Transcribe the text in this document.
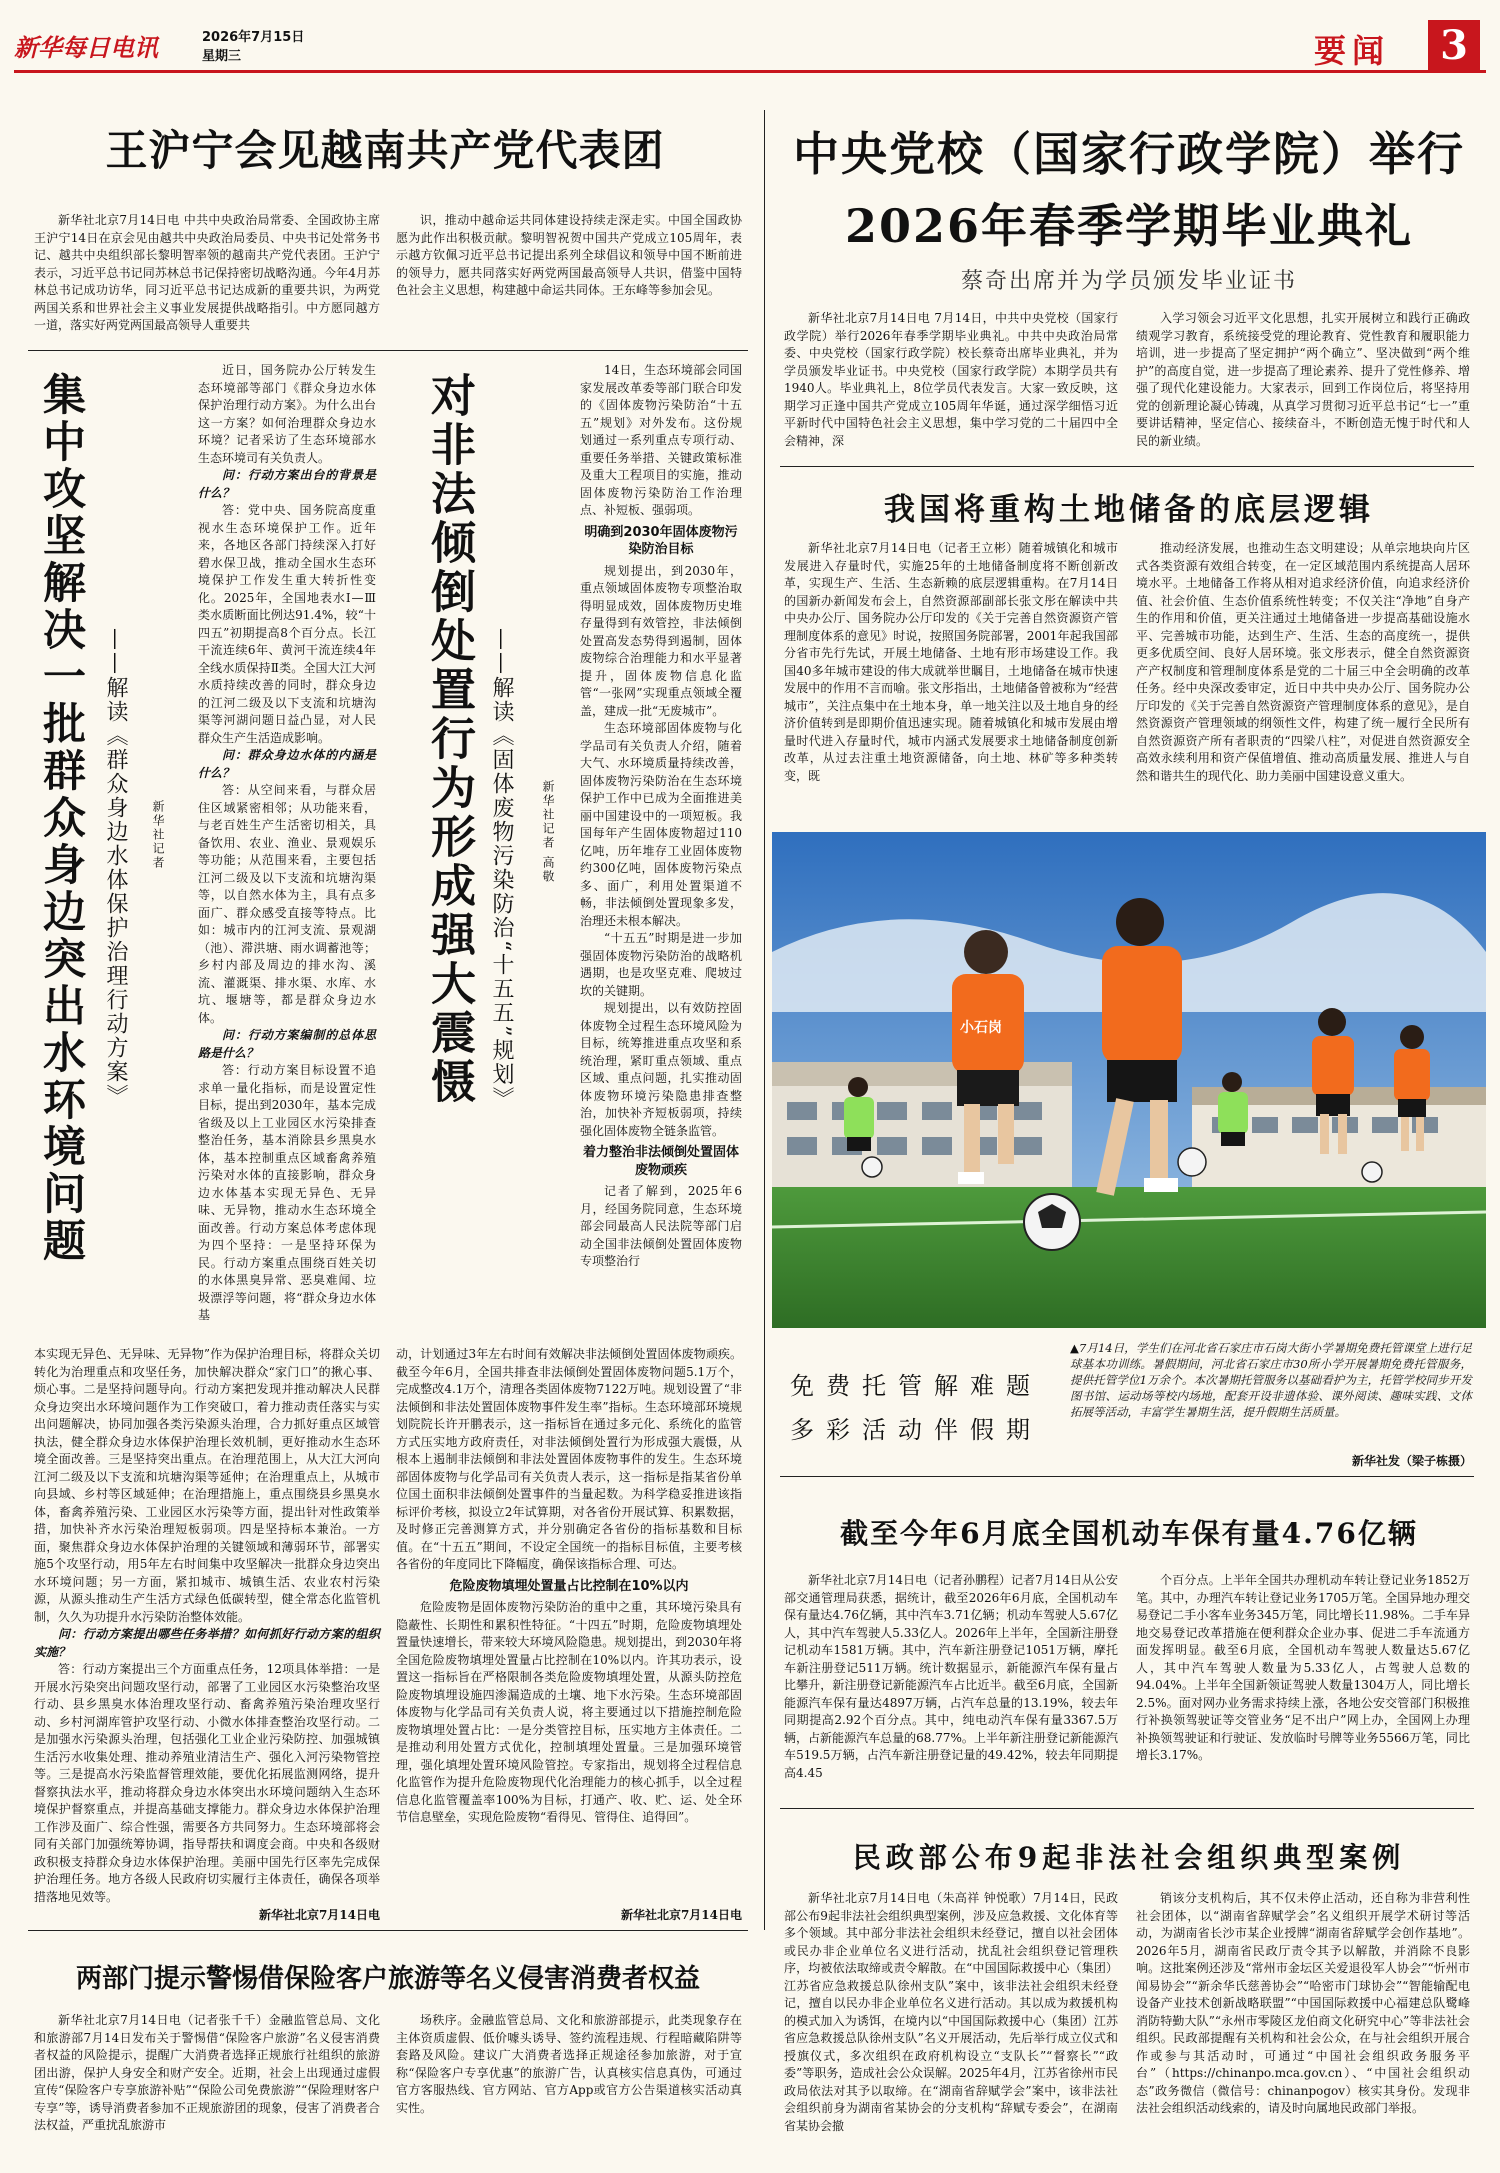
新华每日电讯	2026年7月15日
星期三	要闻	3
王沪宁会见越南共产党代表团
新华社北京7月14日电 中共中央政治局常委、全国政协主席王沪宁14日在京会见由越共中央政治局委员、中央书记处常务书记、越共中央组织部长黎明智率领的越南共产党代表团。王沪宁表示，习近平总书记同苏林总书记保持密切战略沟通。今年4月苏林总书记成功访华，同习近平总书记达成新的重要共识，为两党两国关系和世界社会主义事业发展提供战略指引。中方愿同越方一道，落实好两党两国最高领导人重要共
识，推动中越命运共同体建设持续走深走实。中国全国政协愿为此作出积极贡献。黎明智祝贺中国共产党成立105周年，表示越方钦佩习近平总书记提出系列全球倡议和领导中国不断前进的领导力，愿共同落实好两党两国最高领导人共识，借鉴中国特色社会主义思想，构建越中命运共同体。王东峰等参加会见。
集中攻坚解决一批群众身边突出水环境问题 ——解读《群众身边水体保护治理行动方案》 新华社记者

近日，国务院办公厅转发生态环境部等部门《群众身边水体保护治理行动方案》。为什么出台这一方案？如何治理群众身边水环境？记者采访了生态环境部水生态环境司有关负责人。

问：行动方案出台的背景是什么？

答：党中央、国务院高度重视水生态环境保护工作。近年来，各地区各部门持续深入打好碧水保卫战，推动全国水生态环境保护工作发生重大转折性变化。2025年，全国地表水Ⅰ—Ⅲ类水质断面比例达91.4%，较“十四五”初期提高8个百分点。长江干流连续6年、黄河干流连续4年全线水质保持Ⅱ类。全国大江大河水质持续改善的同时，群众身边的江河二级及以下支流和坑塘沟渠等河湖问题日益凸显，对人民群众生产生活造成影响。

问：群众身边水体的内涵是什么？

答：从空间来看，与群众居住区域紧密相邻；从功能来看，与老百姓生产生活密切相关，具备饮用、农业、渔业、景观娱乐等功能；从范围来看，主要包括江河二级及以下支流和坑塘沟渠等，以自然水体为主，具有点多面广、群众感受直接等特点。比如：城市内的江河支流、景观湖（池）、滞洪塘、雨水调蓄池等；乡村内部及周边的排水沟、溪流、灌溉渠、排水渠、水库、水坑、堰塘等，都是群众身边水体。

问：行动方案编制的总体思路是什么？

答：行动方案目标设置不追求单一量化指标，而是设置定性目标，提出到2030年，基本完成省级及以上工业园区水污染排查整治任务，基本消除县乡黑臭水体，基本控制重点区域畜禽养殖污染对水体的直接影响，群众身边水体基本实现无异色、无异味、无异物，推动水生态环境全面改善。行动方案总体考虑体现为四个坚持：一是坚持环保为民。行动方案重点围绕百姓关切的水体黑臭异常、恶臭难闻、垃圾漂浮等问题，将“群众身边水体基

本实现无异色、无异味、无异物”作为保护治理目标，将群众关切转化为治理重点和攻坚任务，加快解决群众“家门口”的揪心事、烦心事。二是坚持问题导向。行动方案把发现并推动解决人民群众身边突出水环境问题作为工作突破口，着力推动责任落实与实出问题解决，协同加强各类污染源头治理，合力抓好重点区域管执法，健全群众身边水体保护治理长效机制，更好推动水生态环境全面改善。三是坚持突出重点。在治理范围上，从大江大河向江河二级及以下支流和坑塘沟渠等延伸；在治理重点上，从城市向县域、乡村等区域延伸；在治理措施上，重点围绕县乡黑臭水体，畜禽养殖污染、工业园区水污染等方面，提出针对性政策举措，加快补齐水污染治理短板弱项。四是坚持标本兼治。一方面，聚焦群众身边水体保护治理的关键领域和薄弱环节，部署实施5个攻坚行动，用5年左右时间集中攻坚解决一批群众身边突出水环境问题；另一方面，紧扣城市、城镇生活、农业农村污染源，从源头推动生产生活方式绿色低碳转型，健全常态化监管机制，久久为功提升水污染防治整体效能。

问：行动方案提出哪些任务举措？如何抓好行动方案的组织实施？

答：行动方案提出三个方面重点任务，12项具体举措：一是开展水污染突出问题攻坚行动，部署了工业园区水污染整治攻坚行动、县乡黑臭水体治理攻坚行动、畜禽养殖污染治理攻坚行动、乡村河湖库管护攻坚行动、小微水体排查整治攻坚行动。二是加强水污染源头治理，包括强化工业企业污染防控、加强城镇生活污水收集处理、推动养殖业清洁生产、强化入河污染物管控等。三是提高水污染监督管理效能，要优化拓展监测网络，提升督察执法水平，推动将群众身边水体突出水环境问题纳入生态环境保护督察重点，并提高基础支撑能力。群众身边水体保护治理工作涉及面广、综合性强，需要各方共同努力。生态环境部将会同有关部门加强统筹协调，指导帮扶和调度会商。中央和各级财政积极支持群众身边水体保护治理。美丽中国先行区率先完成保护治理任务。地方各级人民政府切实履行主体责任，确保各项举措落地见效等。

新华社北京7月14日电
对非法倾倒处置行为形成强大震慑 ——解读《固体废物污染防治“十五五”规划》 新华社记者 高敬

14日，生态环境部会同国家发展改革委等部门联合印发的《固体废物污染防治“十五五”规划》对外发布。这份规划通过一系列重点专项行动、重要任务举措、关键政策标准及重大工程项目的实施，推动固体废物污染防治工作治理点、补短板、强弱项。

明确到2030年固体废物污染防治目标

规划提出，到2030年，重点领域固体废物专项整治取得明显成效，固体废物历史堆存量得到有效管控，非法倾倒处置高发态势得到遏制，固体废物综合治理能力和水平显著提升，固体废物信息化监管“一张网”实现重点领域全覆盖，建成一批“无废城市”。

生态环境部固体废物与化学品司有关负责人介绍，随着大气、水环境质量持续改善，固体废物污染防治在生态环境保护工作中已成为全面推进美丽中国建设中的一项短板。我国每年产生固体废物超过110亿吨，历年堆存工业固体废物约300亿吨，固体废物污染点多、面广，利用处置渠道不畅，非法倾倒处置现象多发，治理还未根本解决。

“十五五”时期是进一步加强固体废物污染防治的战略机遇期，也是攻坚克难、爬坡过坎的关键期。

规划提出，以有效防控固体废物全过程生态环境风险为目标，统筹推进重点攻坚和系统治理，紧盯重点领域、重点区域、重点问题，扎实推动固体废物环境污染隐患排查整治，加快补齐短板弱项，持续强化固体废物全链条监管。

着力整治非法倾倒处置固体废物顽疾

记者了解到，2025年6月，经国务院同意，生态环境部会同最高人民法院等部门启动全国非法倾倒处置固体废物专项整治行

动，计划通过3年左右时间有效解决非法倾倒处置固体废物顽疾。截至今年6月，全国共排查非法倾倒处置固体废物问题5.1万个，完成整改4.1万个，清理各类固体废物7122万吨。规划设置了“非法倾倒和非法处置固体废物事件发生率”指标。生态环境部环境规划院院长许开鹏表示，这一指标旨在通过多元化、系统化的监管方式压实地方政府责任，对非法倾倒处置行为形成强大震慑，从根本上遏制非法倾倒和非法处置固体废物事件的发生。生态环境部固体废物与化学品司有关负责人表示，这一指标是指某省份单位国土面积非法倾倒处置事件的当量起数。为科学稳妥推进该指标评价考核，拟设立2年试算期，对各省份开展试算、积累数据，及时修正完善测算方式，并分别确定各省份的指标基数和目标值。在“十五五”期间，不设定全国统一的指标目标值，主要考核各省份的年度同比下降幅度，确保该指标合理、可达。

危险废物填埋处置量占比控制在10%以内

危险废物是固体废物污染防治的重中之重，其环境污染具有隐蔽性、长期性和累积性特征。“十四五”时期，危险废物填埋处置量快速增长，带来较大环境风险隐患。规划提出，到2030年将全国危险废物填埋处置量占比控制在10%以内。许其功表示，设置这一指标旨在严格限制各类危险废物填埋处置，从源头防控危险废物填埋设施四渗漏造成的土壤、地下水污染。生态环境部固体废物与化学品司有关负责人说，将主要通过以下措施控制危险废物填埋处置占比：一是分类管控目标，压实地方主体责任。二是推动利用处置方式优化，控制填埋处置量。三是加强环境管理，强化填埋处置环境风险管控。专家指出，规划将全过程信息化监管作为提升危险废物现代化治理能力的核心抓手，以全过程信息化监管覆盖率100%为目标，打通产、收、贮、运、处全环节信息壁垒，实现危险废物“看得见、管得住、追得回”。

新华社北京7月14日电
中央党校（国家行政学院）举行
2026年春季学期毕业典礼
蔡奇出席并为学员颁发毕业证书
新华社北京7月14日电 7月14日，中共中央党校（国家行政学院）举行2026年春季学期毕业典礼。中共中央政治局常委、中央党校（国家行政学院）校长蔡奇出席毕业典礼，并为学员颁发毕业证书。中央党校（国家行政学院）本期学员共有1940人。毕业典礼上，8位学员代表发言。大家一致反映，这期学习正逢中国共产党成立105周年华诞，通过深学细悟习近平新时代中国特色社会主义思想，集中学习党的二十届四中全会精神，深
入学习领会习近平文化思想，扎实开展树立和践行正确政绩观学习教育，系统接受党的理论教育、党性教育和履职能力培训，进一步提高了坚定拥护“两个确立”、坚决做到“两个维护”的高度自觉，进一步提高了理论素养、提升了党性修养、增强了现代化建设能力。大家表示，回到工作岗位后，将坚持用党的创新理论凝心铸魂，从真学习贯彻习近平总书记“七一”重要讲话精神，坚定信心、接续奋斗，不断创造无愧于时代和人民的新业绩。
我国将重构土地储备的底层逻辑
新华社北京7月14日电（记者王立彬）随着城镇化和城市发展进入存量时代，实施25年的土地储备制度将不断创新改革，实现生产、生活、生态新赖的底层逻辑重构。在7月14日的国新办新闻发布会上，自然资源部副部长张文彤在解读中共中央办公厅、国务院办公厅印发的《关于完善自然资源资产管理制度体系的意见》时说，按照国务院部署，2001年起我国部分省市先行先试，开展土地储备、土地有形市场建设工作。我国40多年城市建设的伟大成就举世瞩目，土地储备在城市快速发展中的作用不言而喻。张文彤指出，土地储备曾被称为“经营城市”，关注点集中在土地本身，单一地关注以及土地自身的经济价值转到是即期价值迅速实现。随着城镇化和城市发展由增量时代进入存量时代，城市内涵式发展要求土地储备制度创新改革，从过去注重土地资源储备，向土地、林矿等多种类转变，既
推动经济发展，也推动生态文明建设；从单宗地块向片区式各类资源有效组合转变，在一定区域范围内系统提高人居环境水平。土地储备工作将从相对追求经济价值，向追求经济价值、社会价值、生态价值系统性转变；不仅关注“净地”自身产生的作用和价值，更关注通过土地储备进一步提高基础设施水平、完善城市功能，达到生产、生活、生态的高度统一，提供更多优质空间、良好人居环境。张文彤表示，健全自然资源资产产权制度和管理制度体系是党的二十届三中全会明确的改革任务。经中央深改委审定，近日中共中央办公厅、国务院办公厅印发的《关于完善自然资源资产管理制度体系的意见》，是自然资源资产管理领域的纲领性文件，构建了统一履行全民所有自然资源资产所有者职责的“四梁八柱”，对促进自然资源安全高效永续利用和资产保值增值、推动高质量发展、推进人与自然和谐共生的现代化、助力美丽中国建设意义重大。
小石岗
免费托管解难题
多彩活动伴假期
▲7月14日，学生们在河北省石家庄市石岗大街小学暑期免费托管课堂上进行足球基本功训练。暑假期间，河北省石家庄市30所小学开展暑期免费托管服务，提供托管学位1万余个。本次暑期托管服务以基础看护为主，托管学校同步开发图书馆、运动场等校内场地，配套开设非遗体验、课外阅读、趣味实践、文体拓展等活动，丰富学生暑期生活，提升假期生活质量。
新华社发（梁子栋摄）
截至今年6月底全国机动车保有量4.76亿辆
新华社北京7月14日电（记者孙鹏程）记者7月14日从公安部交通管理局获悉，据统计，截至2026年6月底，全国机动车保有量达4.76亿辆，其中汽车3.71亿辆；机动车驾驶人5.67亿人，其中汽车驾驶人5.33亿人。2026年上半年，全国新注册登记机动车1581万辆。其中，汽车新注册登记1051万辆，摩托车新注册登记511万辆。统计数据显示，新能源汽车保有量占比攀升，新注册登记新能源汽车占比近半。截至6月底，全国新能源汽车保有量达4897万辆，占汽车总量的13.19%，较去年同期提高2.92个百分点。其中，纯电动汽车保有量3367.5万辆，占新能源汽车总量的68.77%。上半年新注册登记新能源汽车519.5万辆，占汽车新注册登记量的49.42%，较去年同期提高4.45
个百分点。上半年全国共办理机动车转让登记业务1852万笔。其中，办理汽车转让登记业务1705万笔。全国异地办理交易登记二手小客车业务345万笔，同比增长11.98%。二手车异地交易登记改革措施在便利群众企业办事、促进二手车流通方面发挥明显。截至6月底，全国机动车驾驶人数量达5.67亿人，其中汽车驾驶人数量为5.33亿人，占驾驶人总数的94.04%。上半年全国新领证驾驶人数量1304万人，同比增长2.5%。面对网办业务需求持续上涨，各地公安交管部门积极推行补换领驾驶证等交管业务“足不出户”网上办，全国网上办理补换领驾驶证和行驶证、发放临时号牌等业务5566万笔，同比增长3.17%。
民政部公布9起非法社会组织典型案例
新华社北京7月14日电（朱高祥 钟悦歌）7月14日，民政部公布9起非法社会组织典型案例，涉及应急救援、文化体育等多个领域。其中部分非法社会组织未经登记，擅自以社会团体或民办非企业单位名义进行活动，扰乱社会组织登记管理秩序，均被依法取缔或责令解散。在“中国国际救援中心（集团）江苏省应急救援总队徐州支队”案中，该非法社会组织未经登记，擅自以民办非企业单位名义进行活动。其以成为救援机构的模式加入为诱饵，在境内以“中国国际救援中心（集团）江苏省应急救援总队徐州支队”名义开展活动，先后举行成立仪式和授旗仪式，多次组织在政府机构设立“支队长”“督察长”“政委”等职务，造成社会公众误解。2025年4月，江苏省徐州市民政局依法对其予以取缔。在“湖南省辞赋学会”案中，该非法社会组织前身为湖南省某协会的分支机构“辞赋专委会”，在湖南省某协会撤
销该分支机构后，其不仅未停止活动，还自称为非营利性社会团体，以“湖南省辞赋学会”名义组织开展学术研讨等活动，为湖南省长沙市某企业授牌“湖南省辞赋学会创作基地”。2026年5月，湖南省民政厅责令其予以解散，并消除不良影响。这批案例还涉及“常州市金坛区关爱退役军人协会”“忻州市闻易协会”“新余华氏慈善协会”“哈密市门球协会”“智能输配电设备产业技术创新战略联盟”“中国国际救援中心福建总队鹭峰消防特勤大队”“永州市零陵区龙伯商文化研究中心”等非法社会组织。民政部提醒有关机构和社会公众，在与社会组织开展合作或参与其活动时，可通过“中国社会组织政务服务平台”（https://chinanpo.mca.gov.cn）、“中国社会组织动态”政务微信（微信号：chinanpogov）核实其身份。发现非法社会组织活动线索的，请及时向属地民政部门举报。
两部门提示警惕借保险客户旅游等名义侵害消费者权益
新华社北京7月14日电（记者张千千）金融监管总局、文化和旅游部7月14日发布关于警惕借“保险客户旅游”名义侵害消费者权益的风险提示，提醒广大消费者选择正规旅行社组织的旅游团出游，保护人身安全和财产安全。近期，社会上出现通过虚假宣传“保险客户专享旅游补贴”“保险公司免费旅游”“保险理财客户专享”等，诱导消费者参加不正规旅游团的现象，侵害了消费者合法权益，严重扰乱旅游市
场秩序。金融监管总局、文化和旅游部提示，此类现象存在主体资质虚假、低价噱头诱导、签约流程违规、行程暗藏陷阱等套路及风险。建议广大消费者选择正规途径参加旅游，对于宣称“保险客户专享优惠”的旅游广告，认真核实信息真伪，可通过官方客服热线、官方网站、官方App或官方公告渠道核实活动真实性。
